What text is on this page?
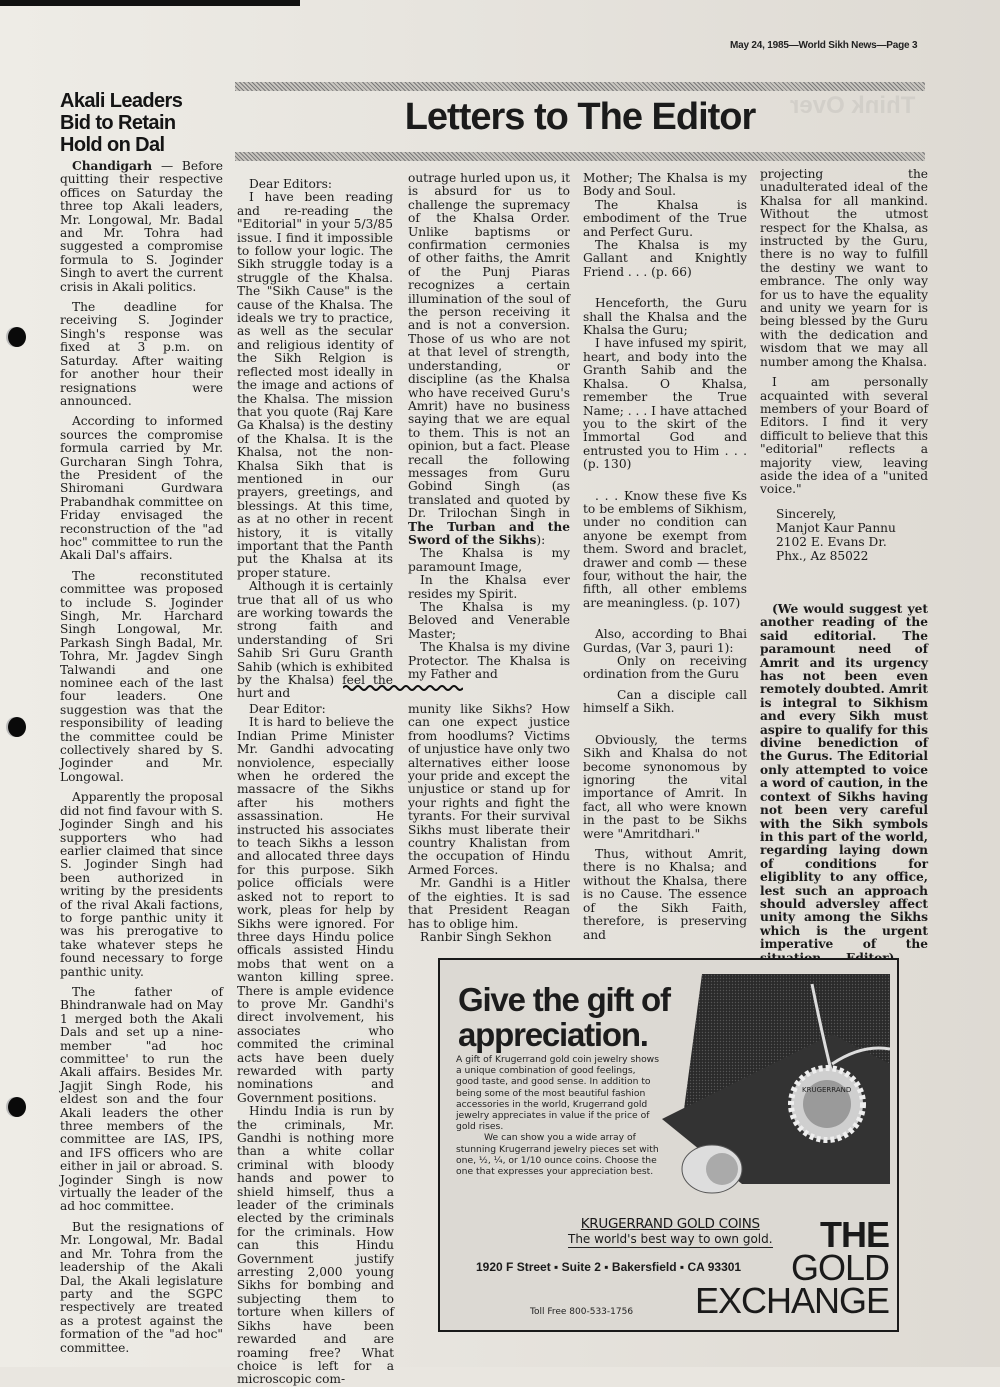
May 24, 1985—World Sikh News—Page 3
Akali Leaders
Bid to Retain
Hold on Dal

Chandigarh — Before quitting their respective offices on Saturday the three top Akali leaders, Mr. Longowal, Mr. Badal and Mr. Tohra had suggested a compromise formula to S. Joginder Singh to avert the current crisis in Akali politics.

The deadline for receiving S. Joginder Singh's response was fixed at 3 p.m. on Saturday. After waiting for another hour their resignations were announced.

According to informed sources the compromise formula carried by Mr. Gurcharan Singh Tohra, the President of the Shiromani Gurdwara Prabandhak committee on Friday envisaged the reconstruction of the "ad hoc" committee to run the Akali Dal's affairs.

The reconstituted committee was proposed to include S. Joginder Singh, Mr. Harchard Singh Longowal, Mr. Parkash Singh Badal, Mr. Tohra, Mr. Jagdev Singh Talwandi and one nominee each of the last four leaders. One suggestion was that the responsibility of leading the committee could be collectively shared by S. Joginder and Mr. Longowal.

Apparently the proposal did not find favour with S. Joginder Singh and his supporters who had earlier claimed that since S. Joginder Singh had been authorized in writing by the presidents of the rival Akali factions, to forge panthic unity it was his prerogative to take whatever steps he found necessary to forge panthic unity.

The father of Bhindranwale had on May 1 merged both the Akali Dals and set up a nine-member "ad hoc committee' to run the Akali affairs. Besides Mr. Jagjit Singh Rode, his eldest son and the four Akali leaders the other three members of the committee are IAS, IPS, and IFS officers who are either in jail or abroad. S. Joginder Singh is now virtually the leader of the ad hoc committee.

But the resignations of Mr. Longowal, Mr. Badal and Mr. Tohra from the leadership of the Akali Dal, the Akali legislature party and the SGPC respectively are treated as a protest against the formation of the "ad hoc" committee.

Think Over
Letters to The Editor

Dear Editors:

I have been reading and re-reading the "Editorial" in your 5/3/85 issue. I find it impossible to follow your logic. The Sikh struggle today is a struggle of the Khalsa. The "Sikh Cause" is the cause of the Khalsa. The ideals we try to practice, as well as the secular and religious identity of the Sikh Relgion is reflected most ideally in the image and actions of the Khalsa. The mission that you quote (Raj Kare Ga Khalsa) is the destiny of the Khalsa. It is the Khalsa, not the non-Khalsa Sikh that is mentioned in our prayers, greetings, and blessings. At this time, as at no other in recent history, it is vitally important that the Panth put the Khalsa at its proper stature.

Although it is certainly true that all of us who are working towards the strong faith and understanding of Sri Sahib Sri Guru Granth Sahib (which is exhibited by the Khalsa) feel the hurt and

outrage hurled upon us, it is absurd for us to challenge the supremacy of the Khalsa Order. Unlike baptisms or confirmation cermonies of other faiths, the Amrit of the Punj Piaras recognizes a certain illumination of the soul of the person receiving it and is not a conversion. Those of us who are not at that level of strength, understanding, or discipline (as the Khalsa who have received Guru's Amrit) have no business saying that we are equal to them. This is not an opinion, but a fact. Please recall the following messages from Guru Gobind Singh (as translated and quoted by Dr. Trilochan Singh in The Turban and the Sword of the Sikhs):

The Khalsa is my paramount Image,

In the Khalsa ever resides my Spirit.

The Khalsa is my Beloved and Venerable Master;

The Khalsa is my divine Protector. The Khalsa is my Father and

Mother; The Khalsa is my Body and Soul.

The Khalsa is embodiment of the True and Perfect Guru.

The Khalsa is my Gallant and Knightly Friend . . . (p. 66)

Henceforth, the Guru shall the Khalsa and the Khalsa the Guru;

I have infused my spirit, heart, and body into the Granth Sahib and the Khalsa. O Khalsa, remember the True Name; . . . I have attached you to the skirt of the Immortal God and entrusted you to Him . . . (p. 130)

. . . Know these five Ks to be emblems of Sikhism, under no condition can anyone be exempt from them. Sword and braclet, drawer and comb — these four, without the hair, the fifth, all other emblems are meaningless. (p. 107)

Also, according to Bhai Gurdas, (Var 3, pauri 1):

Only on receiving ordination from the Guru

projecting the unadulterated ideal of the Khalsa for all mankind. Without the utmost respect for the Khalsa, as instructed by the Guru, there is no way to fulfill the destiny we want to embrance. The only way for us to have the equality and unity we yearn for is being blessed by the Guru with the dedication and wisdom that we may all number among the Khalsa.

I am personally acquainted with several members of your Board of Editors. I find it very difficult to believe that this "editorial" reflects a majority view, leaving aside the idea of a "united voice."

Sincerely,
Manjot Kaur Pannu
2102 E. Evans Dr.
Phx., Az 85022

(We would suggest yet another reading of the said editorial. The paramount need of Amrit and its urgency has not been even remotely doubted. Amrit is integral to Sikhism and every Sikh must aspire to qualify for this divine benediction of the Gurus. The Editorial only attempted to voice a word of caution, in the context of Sikhs having not been very careful with the Sikh symbols in this part of the world, regarding laying down of conditions for eligiblity to any office, lest such an approach should adversley affect unity among the Sikhs which is the urgent imperative of the

Dear Editor:

It is hard to believe the Indian Prime Minister Mr. Gandhi advocating nonviolence, especially when he ordered the massacre of the Sikhs after his mothers assassination. He instructed his associates to teach Sikhs a lesson and allocated three days for this purpose. Sikh police officials were asked not to report to work, pleas for help by Sikhs were ignored. For three days Hindu police officals assisted Hindu mobs that went on a wanton killing spree. There is ample evidence to prove Mr. Gandhi's direct involvement, his associates who commited the criminal acts have been duely rewarded with party nominations and Government positions.

Hindu India is run by the criminals, Mr. Gandhi is nothing more than a white collar criminal with bloody hands and power to shield himself, thus a leader of the criminals elected by the criminals for the criminals. How can this Hindu Government justify arresting 2,000 young Sikhs for bombing and subjecting them to torture when killers of Sikhs have been rewarded and are roaming free? What choice is left for a microscopic com-

munity like Sikhs? How can one expect justice from hoodlums? Victims of unjustice have only two alternatives either loose your pride and except the unjustice or stand up for your rights and fight the tyrants. For their survival Sikhs must liberate their country Khalistan from the occupation of Hindu Armed Forces.

Mr. Gandhi is a Hitler of the eighties. It is sad that President Reagan has to oblige him.

Ranbir Singh Sekhon

Can a disciple call himself a Sikh.

Obviously, the terms Sikh and Khalsa do not become synonomous by ignoring the vital importance of Amrit. In fact, all who were known in the past to be Sikhs were "Amritdhari."

Thus, without Amrit, there is no Khalsa; and without the Khalsa, there is no Cause. The essence of the Sikh Faith, therefore, is preserving and

Give the gift of
appreciation.

A gift of Krugerrand gold coin jewelry shows a unique combination of good feelings, good taste, and good sense. In addition to being some of the most beautiful fashion accessories in the world, Krugerrand gold jewelry appreciates in value if the price of gold rises.

We can show you a wide array of stunning Krugerrand jewelry pieces set with one, ½, ¼, or 1/10 ounce coins. Choose the one that expresses your appreciation best.

KRUGERRAND
KRUGERRAND GOLD COINS
The world's best way to own gold.
1920 F Street ▪ Suite 2 ▪ Bakersfield ▪ CA 93301
Toll Free 800-533-1756
THE
GOLD
EXCHANGE
